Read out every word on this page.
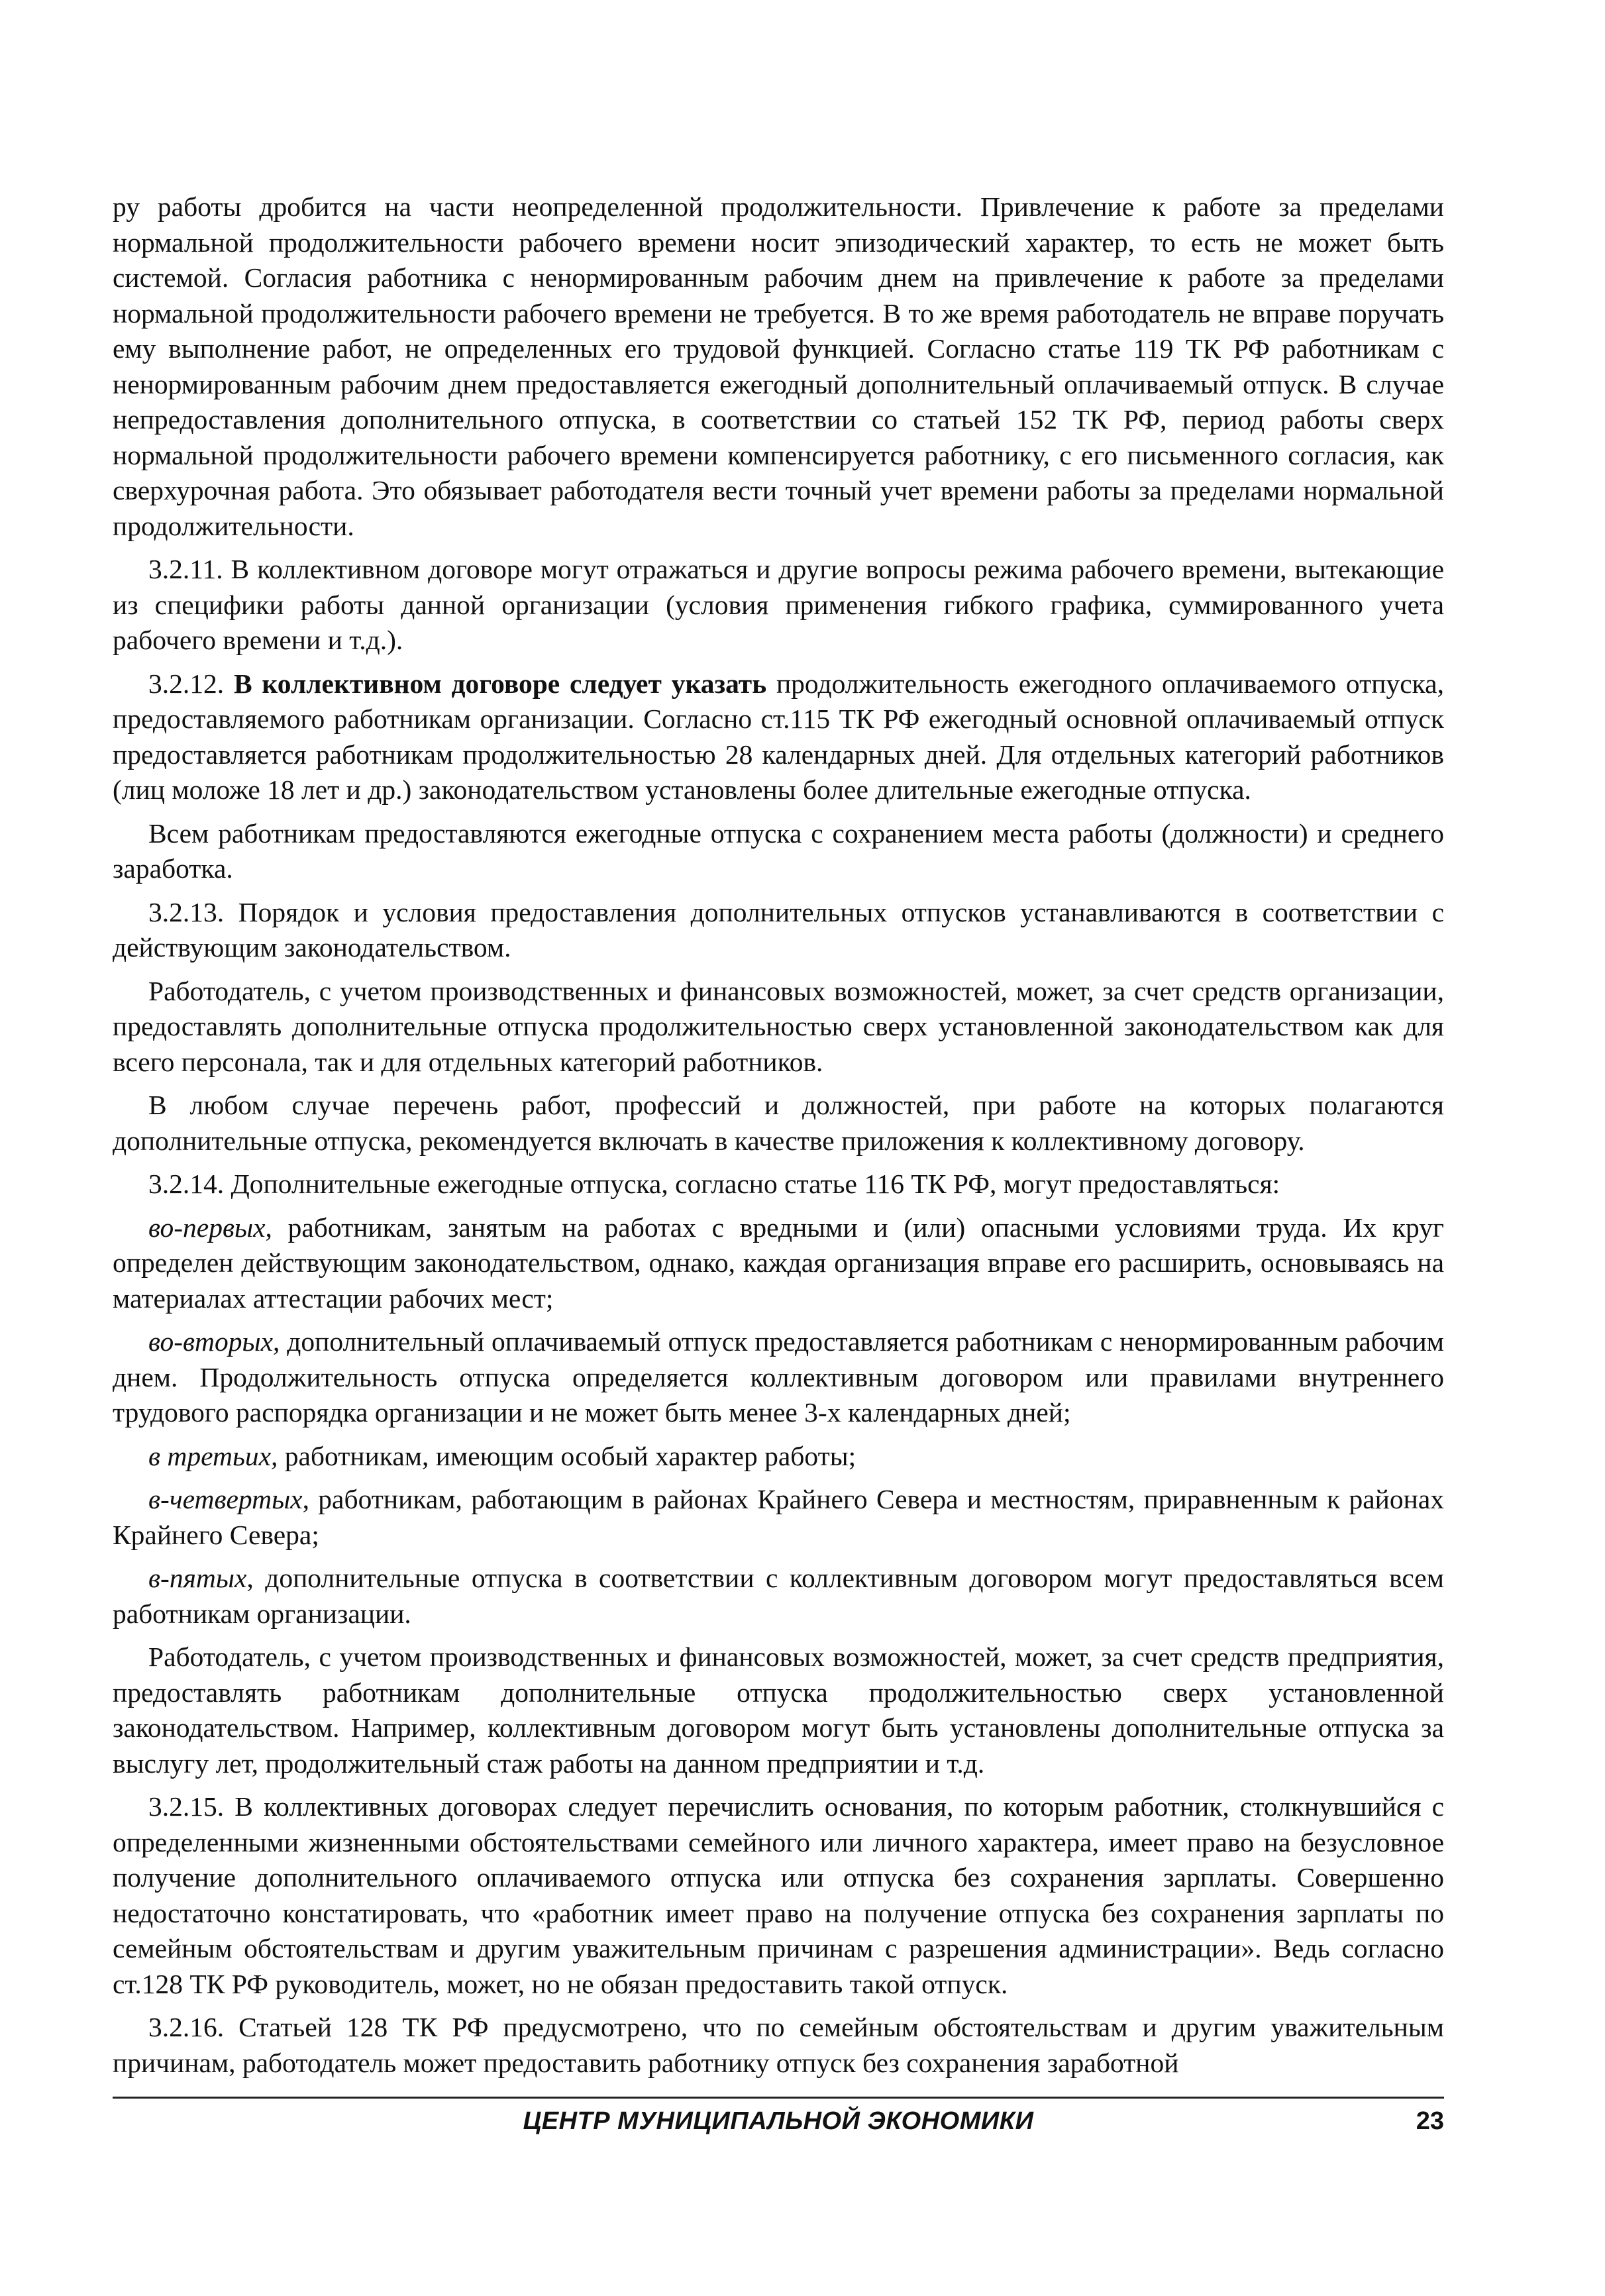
ру работы дробится на части неопределенной продолжительности. Привлечение к работе за пределами нормальной продолжительности рабочего времени носит эпизодический характер, то есть не может быть системой. Согласия работника с ненормированным рабочим днем на привлечение к работе за пределами нормальной продолжительности рабочего времени не требуется. В то же время работодатель не вправе поручать ему выполнение работ, не определенных его трудовой функцией. Согласно статье 119 ТК РФ работникам с ненормированным рабочим днем предоставляется ежегодный дополнительный оплачиваемый отпуск. В случае непредоставления дополнительного отпуска, в соответствии со статьей 152 ТК РФ, период работы сверх нормальной продолжительности рабочего времени компенсируется работнику, с его письменного согласия, как сверхурочная работа. Это обязывает работодателя вести точный учет времени работы за пределами нормальной продолжительности.

3.2.11. В коллективном договоре могут отражаться и другие вопросы режима рабочего времени, вытекающие из специфики работы данной организации (условия применения гибкого графика, суммированного учета рабочего времени и т.д.).

3.2.12. В коллективном договоре следует указать продолжительность ежегодного оплачиваемого отпуска, предоставляемого работникам организации. Согласно ст.115 ТК РФ ежегодный основной оплачиваемый отпуск предоставляется работникам продолжительностью 28 календарных дней. Для отдельных категорий работников (лиц моложе 18 лет и др.) законодательством установлены более длительные ежегодные отпуска.

Всем работникам предоставляются ежегодные отпуска с сохранением места работы (должности) и среднего заработка.

3.2.13. Порядок и условия предоставления дополнительных отпусков устанавливаются в соответствии с действующим законодательством.

Работодатель, с учетом производственных и финансовых возможностей, может, за счет средств организации, предоставлять дополнительные отпуска продолжительностью сверх установленной законодательством как для всего персонала, так и для отдельных категорий работников.

В любом случае перечень работ, профессий и должностей, при работе на которых полагаются дополнительные отпуска, рекомендуется включать в качестве приложения к коллективному договору.

3.2.14. Дополнительные ежегодные отпуска, согласно статье 116 ТК РФ, могут предоставляться:

во-первых, работникам, занятым на работах с вредными и (или) опасными условиями труда. Их круг определен действующим законодательством, однако, каждая организация вправе его расширить, основываясь на материалах аттестации рабочих мест;

во-вторых, дополнительный оплачиваемый отпуск предоставляется работникам с ненормированным рабочим днем. Продолжительность отпуска определяется коллективным договором или правилами внутреннего трудового распорядка организации и не может быть менее 3-х календарных дней;

в третьих, работникам, имеющим особый характер работы;

в-четвертых, работникам, работающим в районах Крайнего Севера и местностям, приравненным к районах Крайнего Севера;

в-пятых, дополнительные отпуска в соответствии с коллективным договором могут предоставляться всем работникам организации.

Работодатель, с учетом производственных и финансовых возможностей, может, за счет средств предприятия, предоставлять работникам дополнительные отпуска продолжительностью сверх установленной законодательством. Например, коллективным договором могут быть установлены дополнительные отпуска за выслугу лет, продолжительный стаж работы на данном предприятии и т.д.

3.2.15. В коллективных договорах следует перечислить основания, по которым работник, столкнувшийся с определенными жизненными обстоятельствами семейного или личного характера, имеет право на безусловное получение дополнительного оплачиваемого отпуска или отпуска без сохранения зарплаты. Совершенно недостаточно констатировать, что «работник имеет право на получение отпуска без сохранения зарплаты по семейным обстоятельствам и другим уважительным причинам с разрешения администрации». Ведь согласно ст.128 ТК РФ руководитель, может, но не обязан предоставить такой отпуск.

3.2.16. Статьей 128 ТК РФ предусмотрено, что по семейным обстоятельствам и другим уважительным причинам, работодатель может предоставить работнику отпуск без сохранения заработной

ЦЕНТР МУНИЦИПАЛЬНОЙ ЭКОНОМИКИ	23
